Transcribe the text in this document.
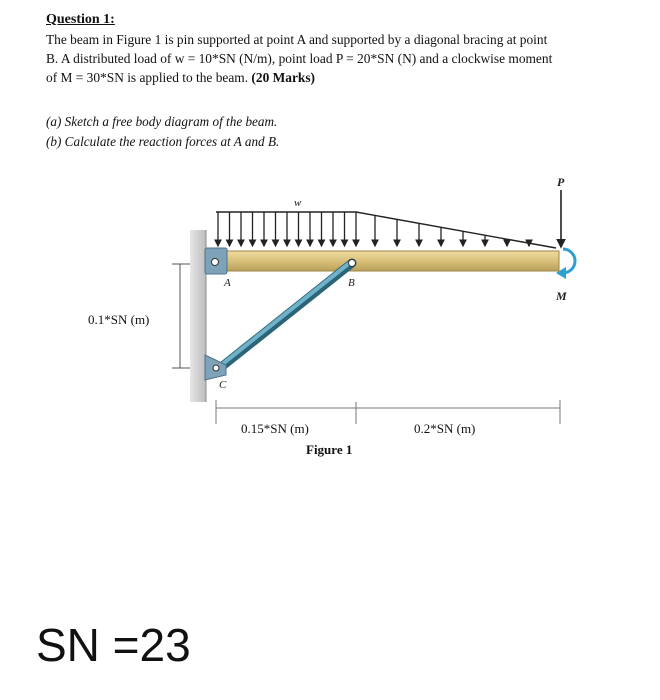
Question 1:
The beam in Figure 1 is pin supported at point A and supported by a diagonal bracing at point
B. A distributed load of w = 10*SN (N/m), point load P = 20*SN (N) and a clockwise moment
of M = 30*SN is applied to the beam. (20 Marks)
(a) Sketch a free body diagram of the beam.
(b) Calculate the reaction forces at A and B.
w
P
M
A	B
C
0.1*SN (m)
0.15*SN (m)	0.2*SN (m)
Figure 1
SN =23
